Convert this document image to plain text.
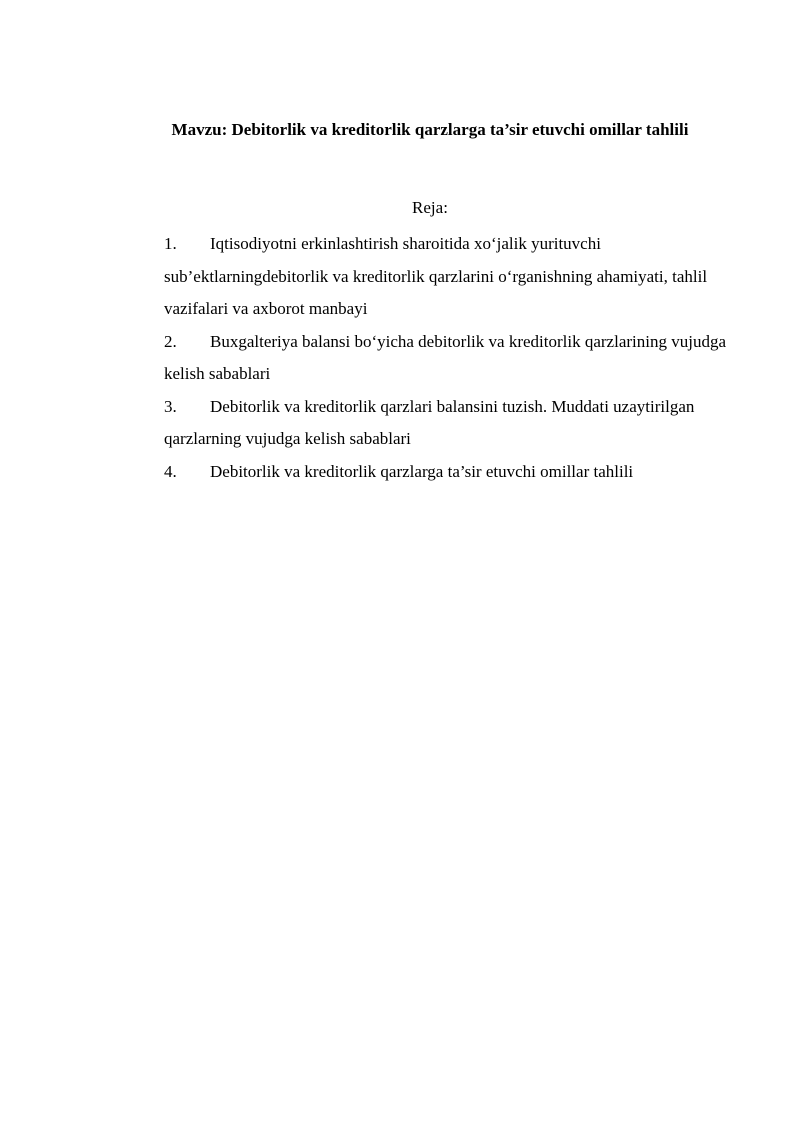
Mavzu: Debitorlik va kreditorlik qarzlarga ta’sir etuvchi omillar tahlili
Reja:
1. Iqtisodiyotni erkinlashtirish sharoitida xo‘jalik yurituvchi sub’ektlarningdebitorlik va kreditorlik qarzlarini o‘rganishning ahamiyati, tahlil vazifalari va axborot manbayi
2. Buxgalteriya balansi bo‘yicha debitorlik va kreditorlik qarzlarining vujudga kelish sabablari
3. Debitorlik va kreditorlik qarzlari balansini tuzish. Muddati uzaytirilgan qarzlarning vujudga kelish sabablari
4. Debitorlik va kreditorlik qarzlarga ta’sir etuvchi omillar tahlili
